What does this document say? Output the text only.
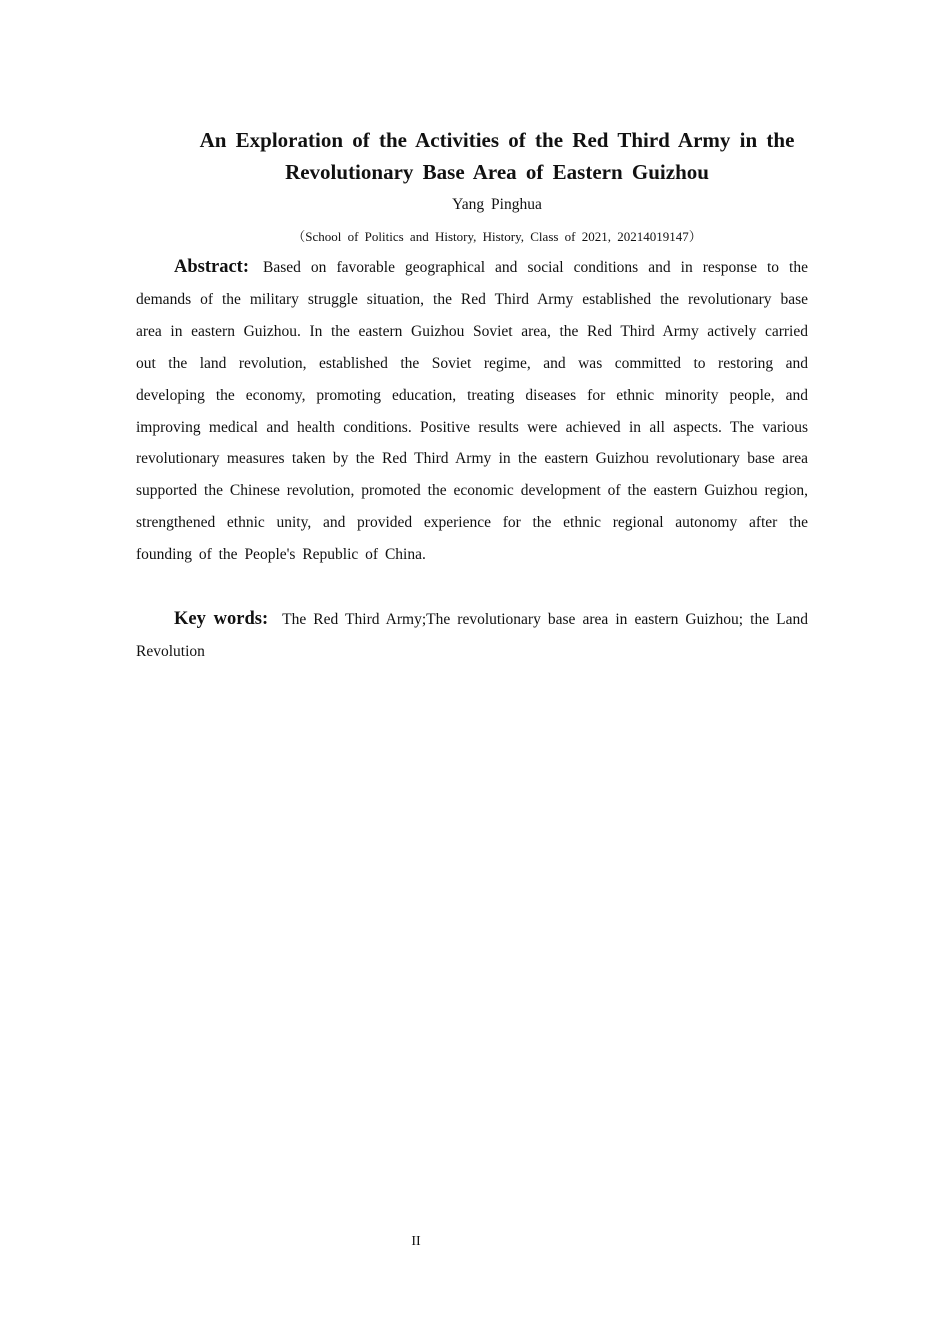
An Exploration of the Activities of the Red Third Army in the Revolutionary Base Area of Eastern Guizhou

Yang Pinghua

（School of Politics and History, History, Class of 2021, 20214019147）

Abstract: Based on favorable geographical and social conditions and in response to the demands of the military struggle situation, the Red Third Army established the revolutionary base area in eastern Guizhou. In the eastern Guizhou Soviet area, the Red Third Army actively carried out the land revolution, established the Soviet regime, and was committed to restoring and developing the economy, promoting education, treating diseases for ethnic minority people, and improving medical and health conditions. Positive results were achieved in all aspects. The various revolutionary measures taken by the Red Third Army in the eastern Guizhou revolutionary base area supported the Chinese revolution, promoted the economic development of the eastern Guizhou region, strengthened ethnic unity, and provided experience for the ethnic regional autonomy after the founding of the People's Republic of China.

Key words: The Red Third Army;The revolutionary base area in eastern Guizhou; the Land Revolution

II
